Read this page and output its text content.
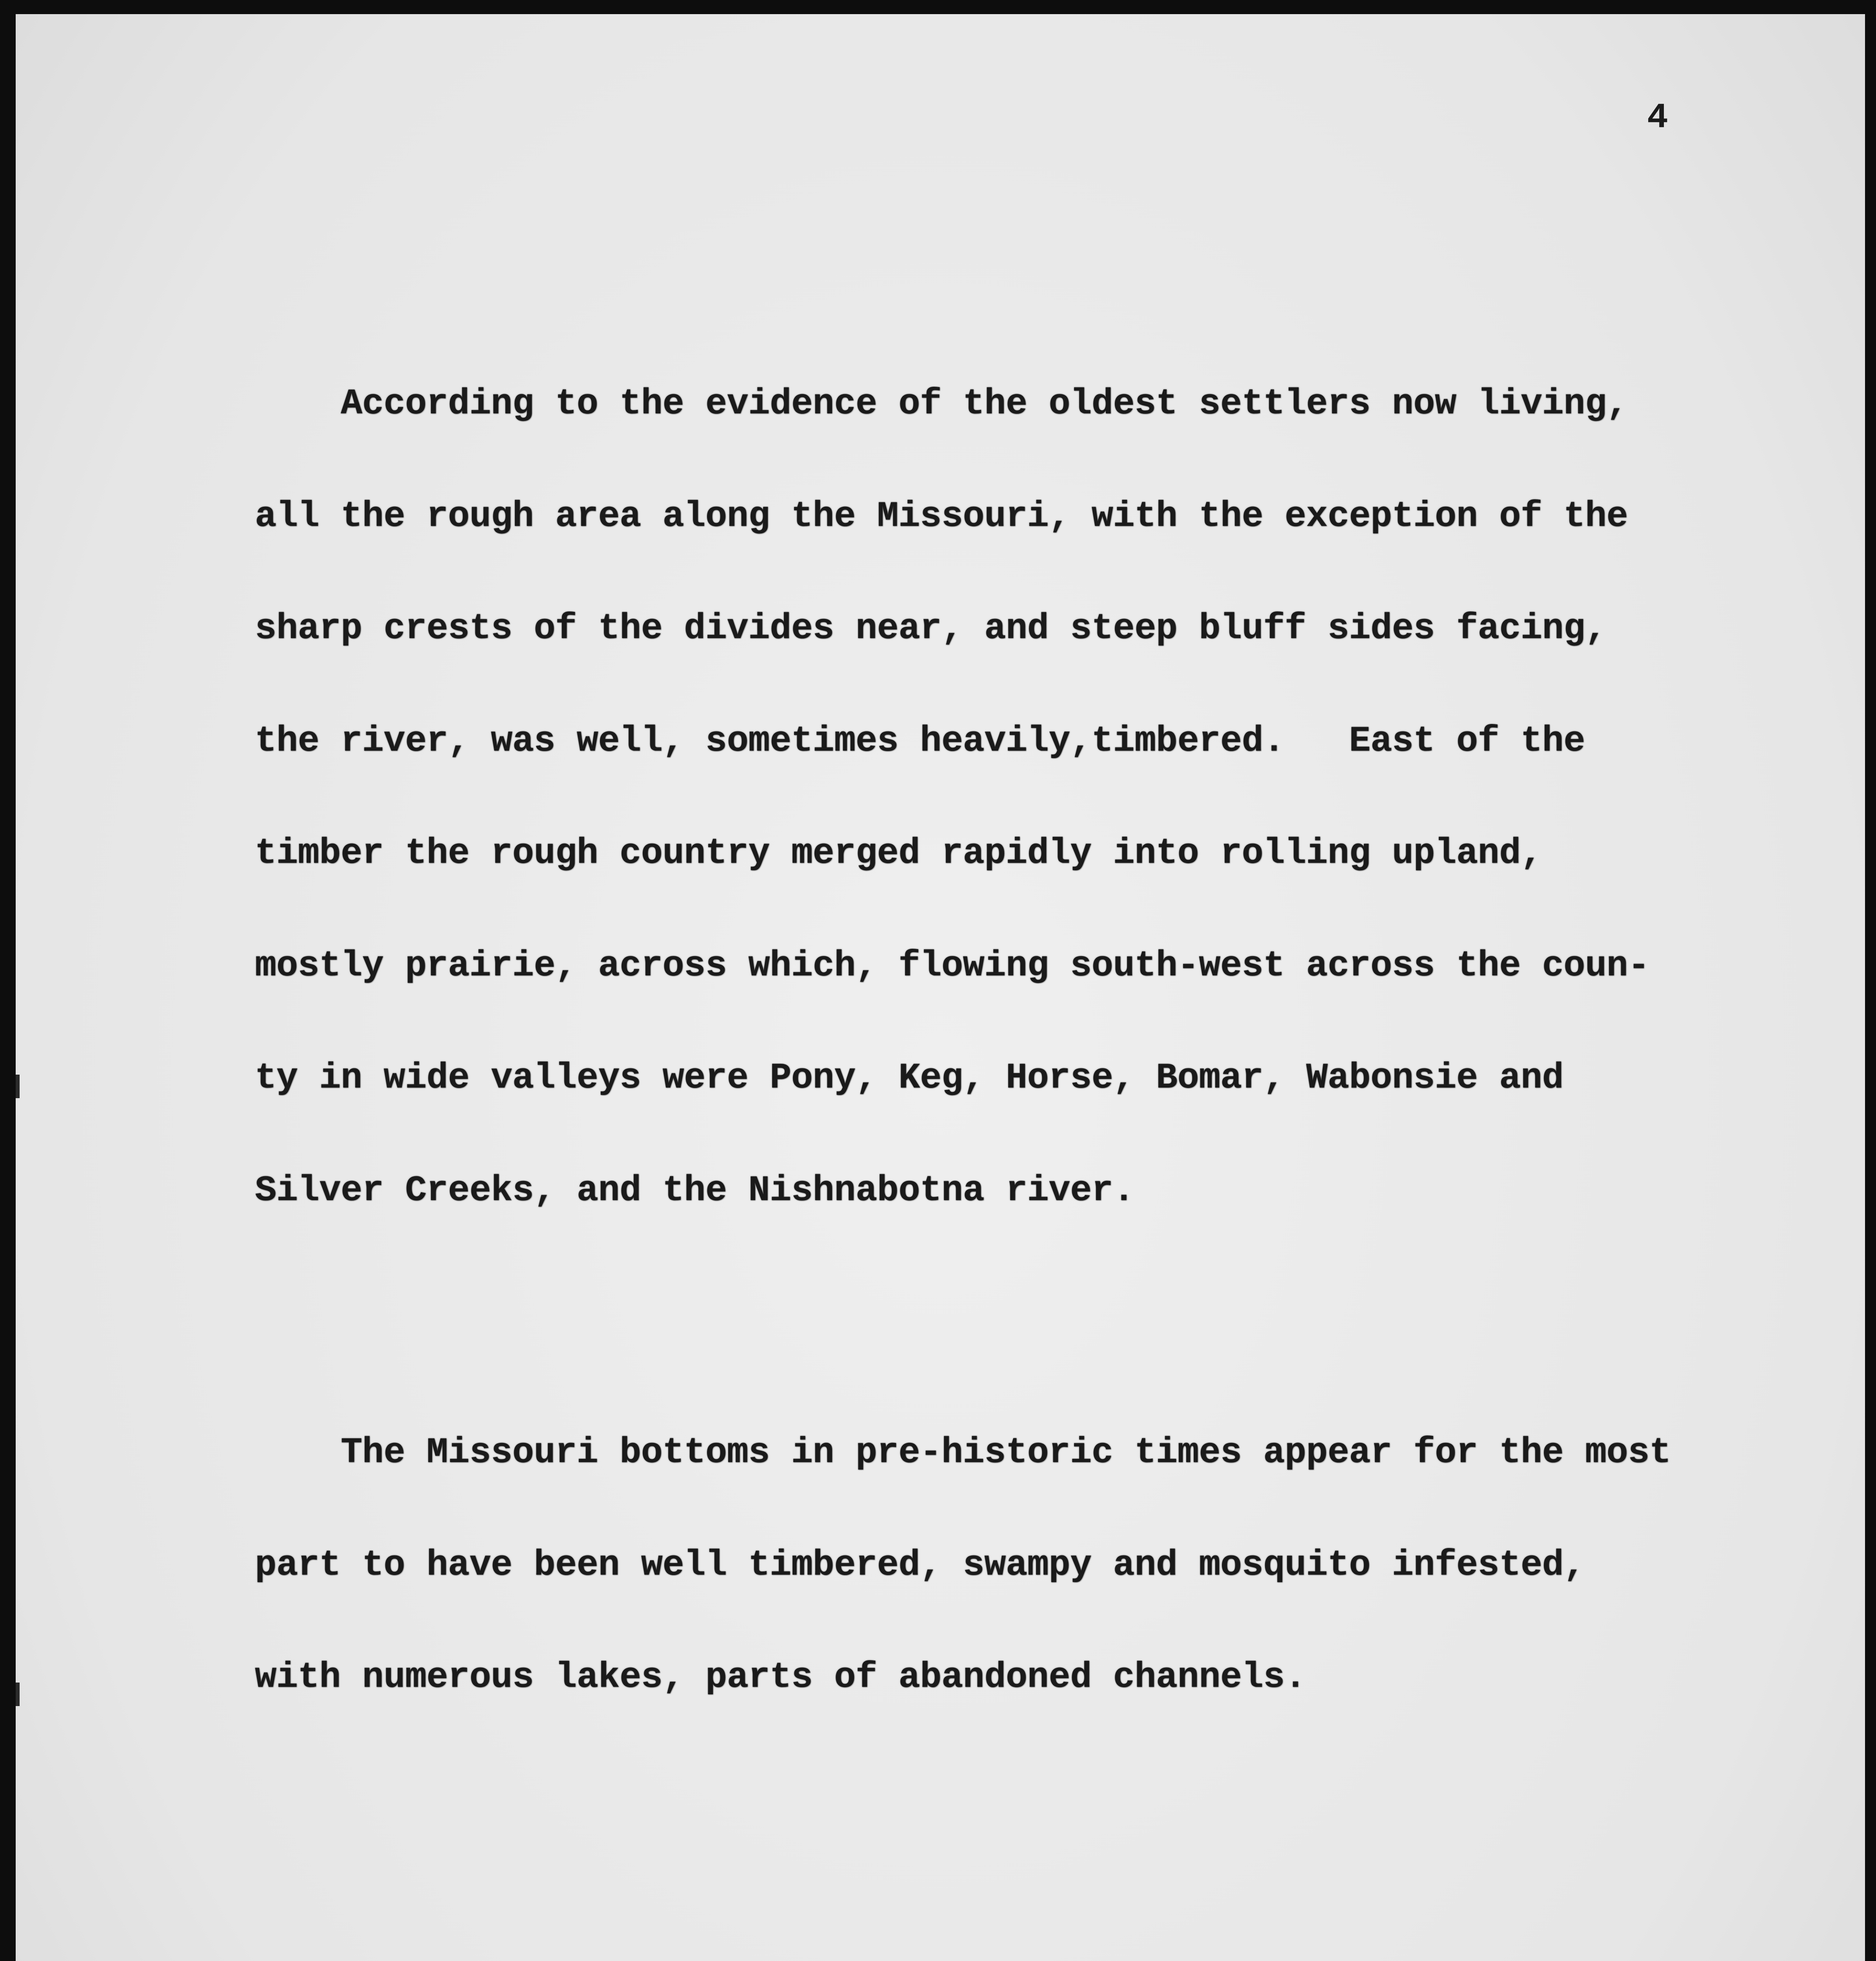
4

According to the evidence of the oldest settlers now living,

all the rough area along the Missouri, with the exception of the

sharp crests of the divides near, and steep bluff sides facing,

the river, was well, sometimes heavily,timbered.   East of the

timber the rough country merged rapidly into rolling upland,

mostly prairie, across which, flowing south-west across the coun-

ty in wide valleys were Pony, Keg, Horse, Bomar, Wabonsie and

Silver Creeks, and the Nishnabotna river.

The Missouri bottoms in pre-historic times appear for the most

part to have been well timbered, swampy and mosquito infested,

with numerous lakes, parts of abandoned channels.
